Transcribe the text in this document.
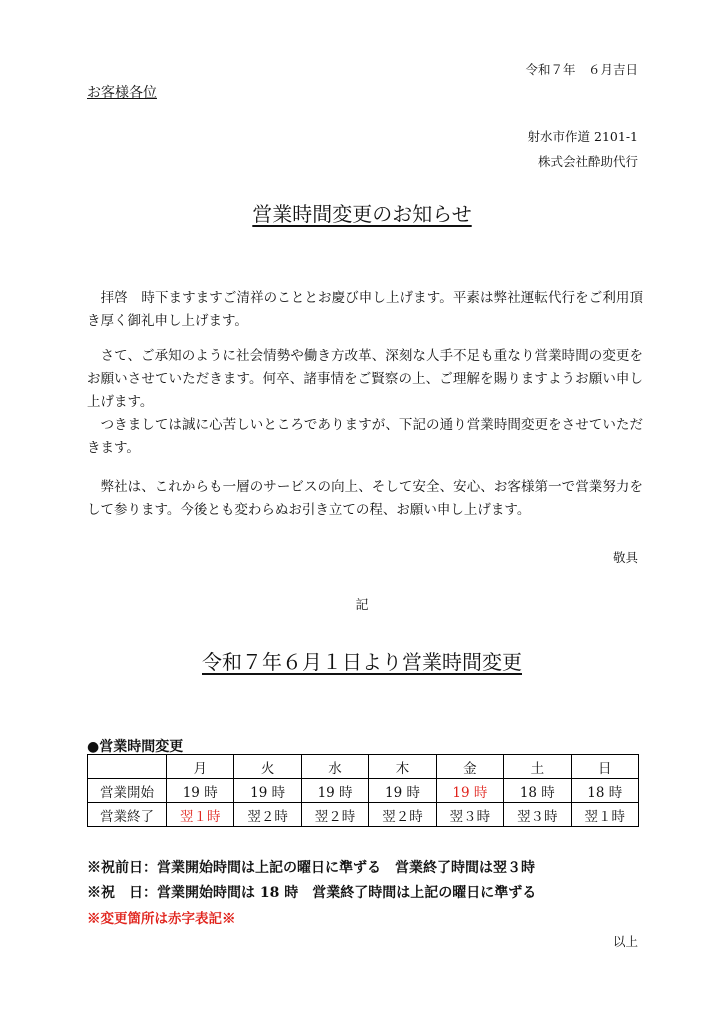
令和７年　６月吉日
お客様各位
射水市作道 2101-1
株式会社酔助代行
営業時間変更のお知らせ
　拝啓　時下ますますご清祥のこととお慶び申し上げます。平素は弊社運転代行をご利用頂き厚く御礼申し上げます。
　さて、ご承知のように社会情勢や働き方改革、深刻な人手不足も重なり営業時間の変更をお願いさせていただきます。何卒、諸事情をご賢察の上、ご理解を賜りますようお願い申し上げます。
　つきましては誠に心苦しいところでありますが、下記の通り営業時間変更をさせていただきます。
　弊社は、これからも一層のサービスの向上、そして安全、安心、お客様第一で営業努力をして参ります。今後とも変わらぬお引き立ての程、お願い申し上げます。
敬具
記
令和７年６月１日より営業時間変更
●営業時間変更
	月	火	水	木	金	土	日
営業開始	19 時	19 時	19 時	19 時	19 時	18 時	18 時
営業終了	翌１時	翌２時	翌２時	翌２時	翌３時	翌３時	翌１時
※祝前日：営業開始時間は上記の曜日に準ずる　営業終了時間は翌３時
※祝　日：営業開始時間は 18 時　営業終了時間は上記の曜日に準ずる
※変更箇所は赤字表記※
以上
